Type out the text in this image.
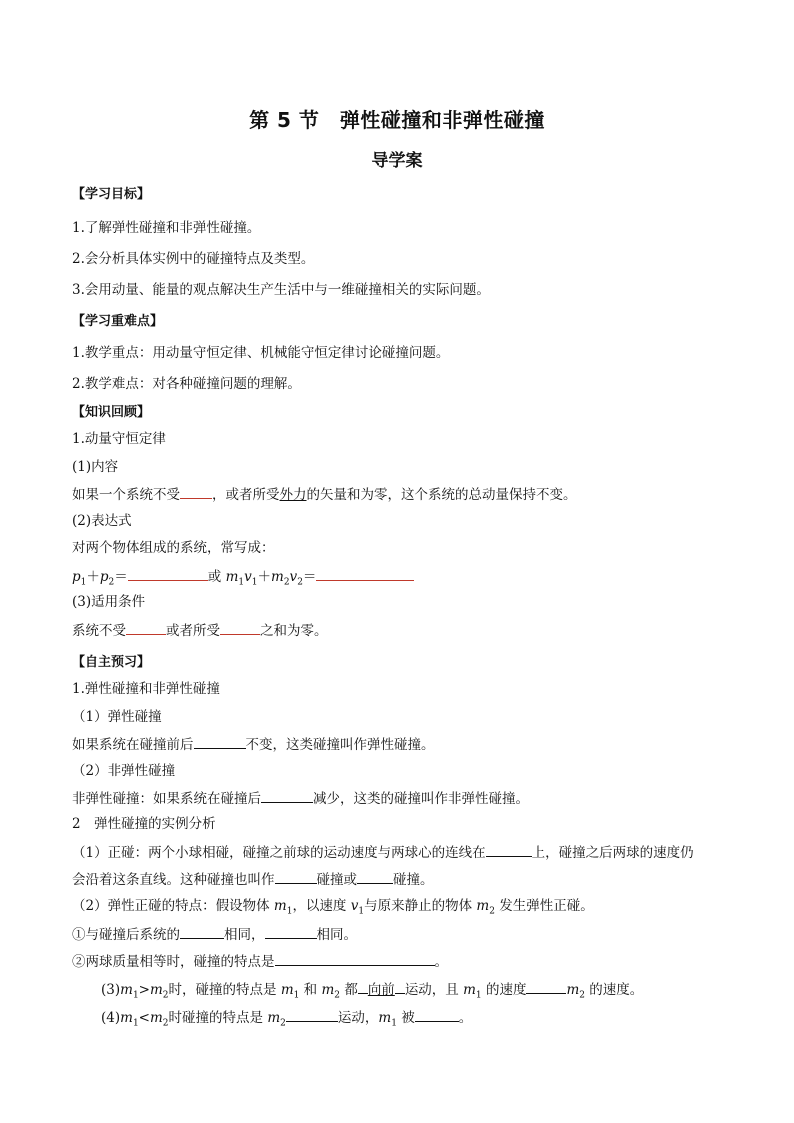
第 5 节　弹性碰撞和非弹性碰撞
导学案
【学习目标】
1.了解弹性碰撞和非弹性碰撞。
2.会分析具体实例中的碰撞特点及类型。
3.会用动量、能量的观点解决生产生活中与一维碰撞相关的实际问题。
【学习重难点】
1.教学重点：用动量守恒定律、机械能守恒定律讨论碰撞问题。
2.教学难点：对各种碰撞问题的理解。
【知识回顾】
1.动量守恒定律
(1)内容
如果一个系统不受 ，或者所受外力的矢量和为零，这个系统的总动量保持不变。
(2)表达式
对两个物体组成的系统，常写成：
$p_1+p_2=$	或 $m_1v_1+m_2v_2=$
(3)适用条件
系统不受	或者所受	之和为零。
【自主预习】
1.弹性碰撞和非弹性碰撞
（1）弹性碰撞
如果系统在碰撞前后	不变，这类碰撞叫作弹性碰撞。
（2）非弹性碰撞
非弹性碰撞：如果系统在碰撞后	减少，这类的碰撞叫作非弹性碰撞。
2　弹性碰撞的实例分析
（1）正碰：两个小球相碰，碰撞之前球的运动速度与两球心的连线在	上，碰撞之后两球的速度仍
会沿着这条直线。这种碰撞也叫作	碰撞或	碰撞。
（2）弹性正碰的特点：假设物体 $m_1$，以速度 $v_1$与原来静止的物体 $m_2$ 发生弹性正碰。
①与碰撞后系统的	相同，	相同。
②两球质量相等时，碰撞的特点是	。
$(3)m_1>m_2$时，碰撞的特点是 $m_1$ 和 $m_2$ 都 向前 运动，且 $m_1$ 的速度	$m_2$ 的速度。
$(4)m_1<m_2$时碰撞的特点是 $m_2$	运动，$m_1$ 被	。
